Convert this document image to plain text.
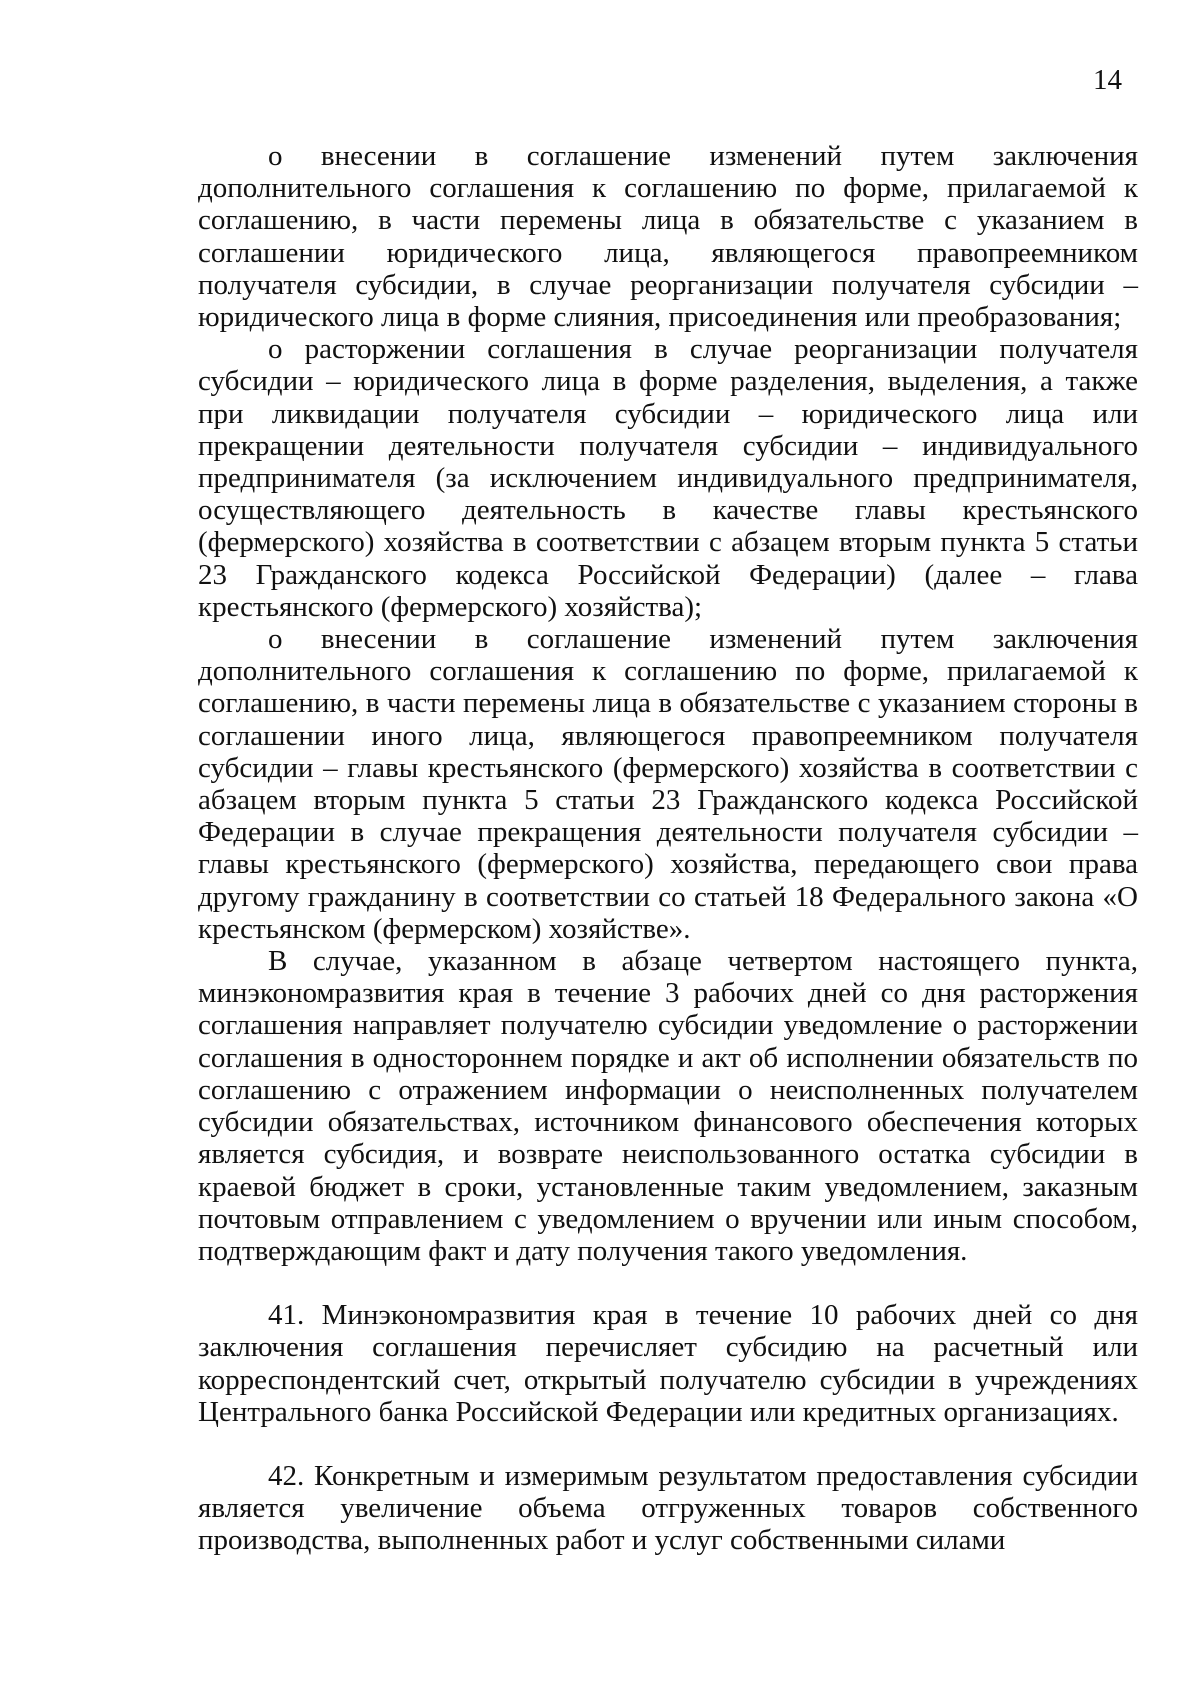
14

о внесении в соглашение изменений путем заключения дополнительного соглашения к соглашению по форме, прилагаемой к соглашению, в части перемены лица в обязательстве с указанием в соглашении юридического лица, являющегося правопреемником получателя субсидии, в случае реорганизации получателя субсидии – юридического лица в форме слияния, присоединения или преобразования;

о расторжении соглашения в случае реорганизации получателя субсидии – юридического лица в форме разделения, выделения, а также при ликвидации получателя субсидии – юридического лица или прекращении деятельности получателя субсидии – индивидуального предпринимателя (за исключением индивидуального предпринимателя, осуществляющего деятельность в качестве главы крестьянского (фермерского) хозяйства в соответствии с абзацем вторым пункта 5 статьи 23 Гражданского кодекса Российской Федерации) (далее – глава крестьянского (фермерского) хозяйства);

о внесении в соглашение изменений путем заключения дополнительного соглашения к соглашению по форме, прилагаемой к соглашению, в части перемены лица в обязательстве с указанием стороны в соглашении иного лица, являющегося правопреемником получателя субсидии – главы крестьянского (фермерского) хозяйства в соответствии с абзацем вторым пункта 5 статьи 23 Гражданского кодекса Российской Федерации в случае прекращения деятельности получателя субсидии – главы крестьянского (фермерского) хозяйства, передающего свои права другому гражданину в соответствии со статьей 18 Федерального закона «О крестьянском (фермерском) хозяйстве».

В случае, указанном в абзаце четвертом настоящего пункта, минэкономразвития края в течение 3 рабочих дней со дня расторжения соглашения направляет получателю субсидии уведомление о расторжении соглашения в одностороннем порядке и акт об исполнении обязательств по соглашению с отражением информации о неисполненных получателем субсидии обязательствах, источником финансового обеспечения которых является субсидия, и возврате неиспользованного остатка субсидии в краевой бюджет в сроки, установленные таким уведомлением, заказным почтовым отправлением с уведомлением о вручении или иным способом, подтверждающим факт и дату получения такого уведомления.

41. Минэкономразвития края в течение 10 рабочих дней со дня заключения соглашения перечисляет субсидию на расчетный или корреспондентский счет, открытый получателю субсидии в учреждениях Центрального банка Российской Федерации или кредитных организациях.

42. Конкретным и измеримым результатом предоставления субсидии является увеличение объема отгруженных товаров собственного производства, выполненных работ и услуг собственными силами
